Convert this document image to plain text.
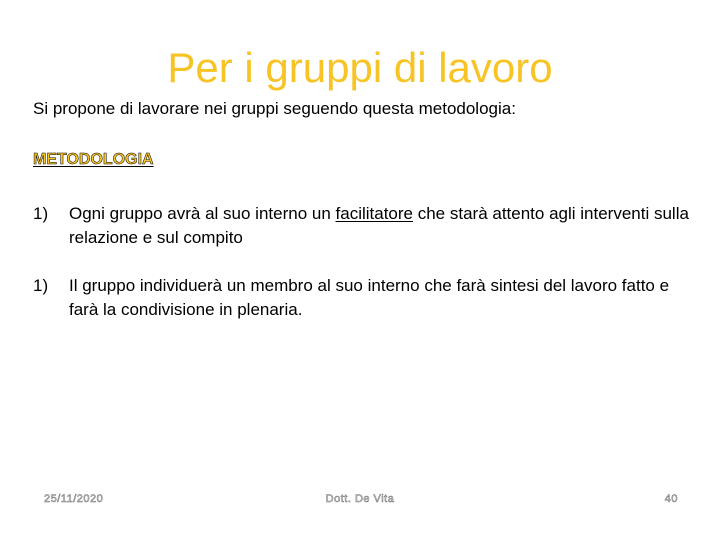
Per i gruppi di lavoro
Si propone di lavorare nei gruppi seguendo questa metodologia:
METODOLOGIA
1)	Ogni gruppo avrà al suo interno un facilitatore che starà attento agli interventi sulla relazione e sul compito
1)	Il gruppo individuerà un membro al suo interno che farà sintesi del lavoro fatto e farà la condivisione in plenaria.
25/11/2020	Dott. De Vita	40
